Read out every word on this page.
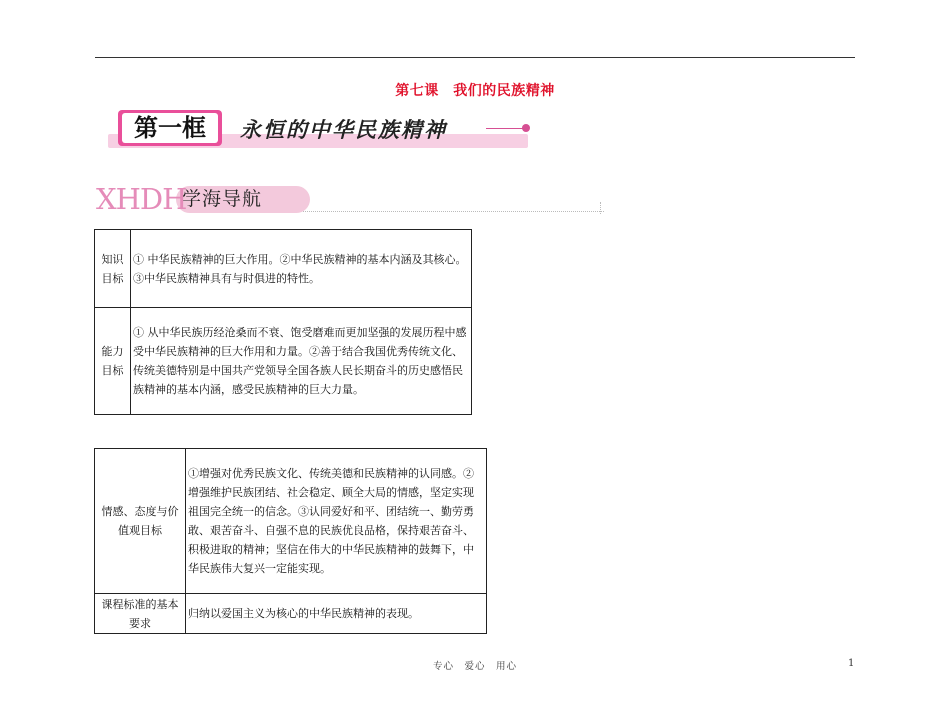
第七课　我们的民族精神
第一框	永恒的中华民族精神
学海导航
XHDH
知识目标	① 中华民族精神的巨大作用。②中华民族精神的基本内涵及其核心。③中华民族精神具有与时俱进的特性。
能力目标	① 从中华民族历经沧桑而不衰、饱受磨难而更加坚强的发展历程中感受中华民族精神的巨大作用和力量。②善于结合我国优秀传统文化、传统美德特别是中国共产党领导全国各族人民长期奋斗的历史感悟民族精神的基本内涵，感受民族精神的巨大力量。
情感、态度与价值观目标	①增强对优秀民族文化、传统美德和民族精神的认同感。②增强维护民族团结、社会稳定、顾全大局的情感，坚定实现祖国完全统一的信念。③认同爱好和平、团结统一、勤劳勇敢、艰苦奋斗、自强不息的民族优良品格，保持艰苦奋斗、积极进取的精神；坚信在伟大的中华民族精神的鼓舞下，中华民族伟大复兴一定能实现。
课程标准的基本要求	归纳以爱国主义为核心的中华民族精神的表现。
专心　爱心　用心	1
